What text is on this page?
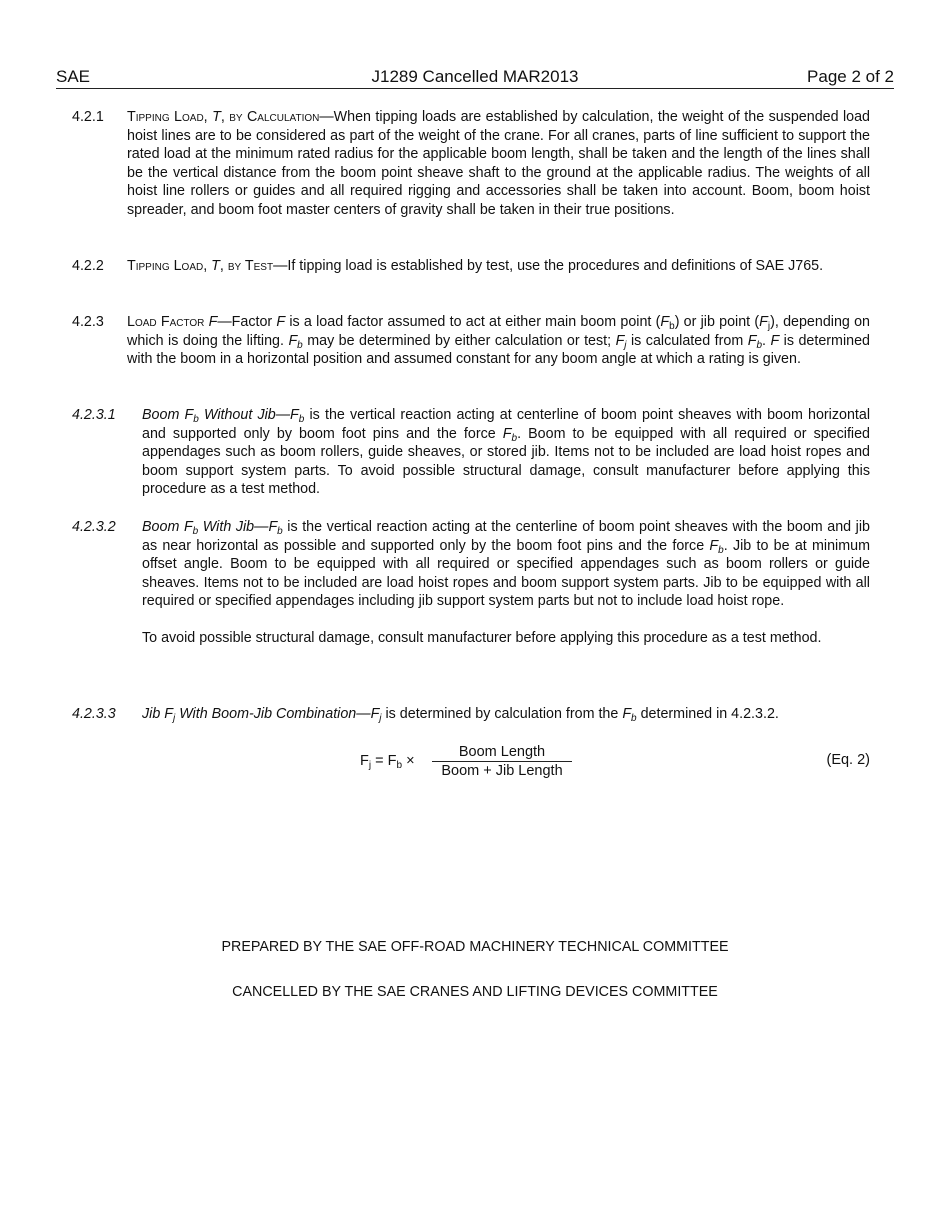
SAE	J1289 Cancelled MAR2013	Page 2 of 2
4.2.1 Tipping Load, T, by Calculation—When tipping loads are established by calculation, the weight of the suspended load hoist lines are to be considered as part of the weight of the crane. For all cranes, parts of line sufficient to support the rated load at the minimum rated radius for the applicable boom length, shall be taken and the length of the lines shall be the vertical distance from the boom point sheave shaft to the ground at the applicable radius. The weights of all hoist line rollers or guides and all required rigging and accessories shall be taken into account. Boom, boom hoist spreader, and boom foot master centers of gravity shall be taken in their true positions.
4.2.2 Tipping Load, T, by Test—If tipping load is established by test, use the procedures and definitions of SAE J765.
4.2.3 Load Factor F—Factor F is a load factor assumed to act at either main boom point $(F_b)$ or jib point $(F_j)$, depending on which is doing the lifting. $F_b$ may be determined by either calculation or test; $F_j$ is calculated from $F_b$. F is determined with the boom in a horizontal position and assumed constant for any boom angle at which a rating is given.
4.2.3.1 Boom $F_b$ Without $Jib—F_b$ is the vertical reaction acting at centerline of boom point sheaves with boom horizontal and supported only by boom foot pins and the force $F_b$. Boom to be equipped with all required or specified appendages such as boom rollers, guide sheaves, or stored jib. Items not to be included are load hoist ropes and boom support system parts. To avoid possible structural damage, consult manufacturer before applying this procedure as a test method.
4.2.3.2 Boom $F_b$ With $Jib—F_b$ is the vertical reaction acting at the centerline of boom point sheaves with the boom and jib as near horizontal as possible and supported only by the boom foot pins and the force $F_b$. Jib to be at minimum offset angle. Boom to be equipped with all required or specified appendages such as boom rollers or guide sheaves. Items not to be included are load hoist ropes and boom support system parts. Jib to be equipped with all required or specified appendages including jib support system parts but not to include load hoist rope.
To avoid possible structural damage, consult manufacturer before applying this procedure as a test method.
4.2.3.3 Jib $F_j$ With Boom-Jib $Combination—F_j$ is determined by calculation from the $F_b$ determined in 4.2.3.2.
$F_j = F_b$ ×
Boom Length
Boom + Jib Length
(Eq. 2)
PREPARED BY THE SAE OFF-ROAD MACHINERY TECHNICAL COMMITTEE
CANCELLED BY THE SAE CRANES AND LIFTING DEVICES COMMITTEE
